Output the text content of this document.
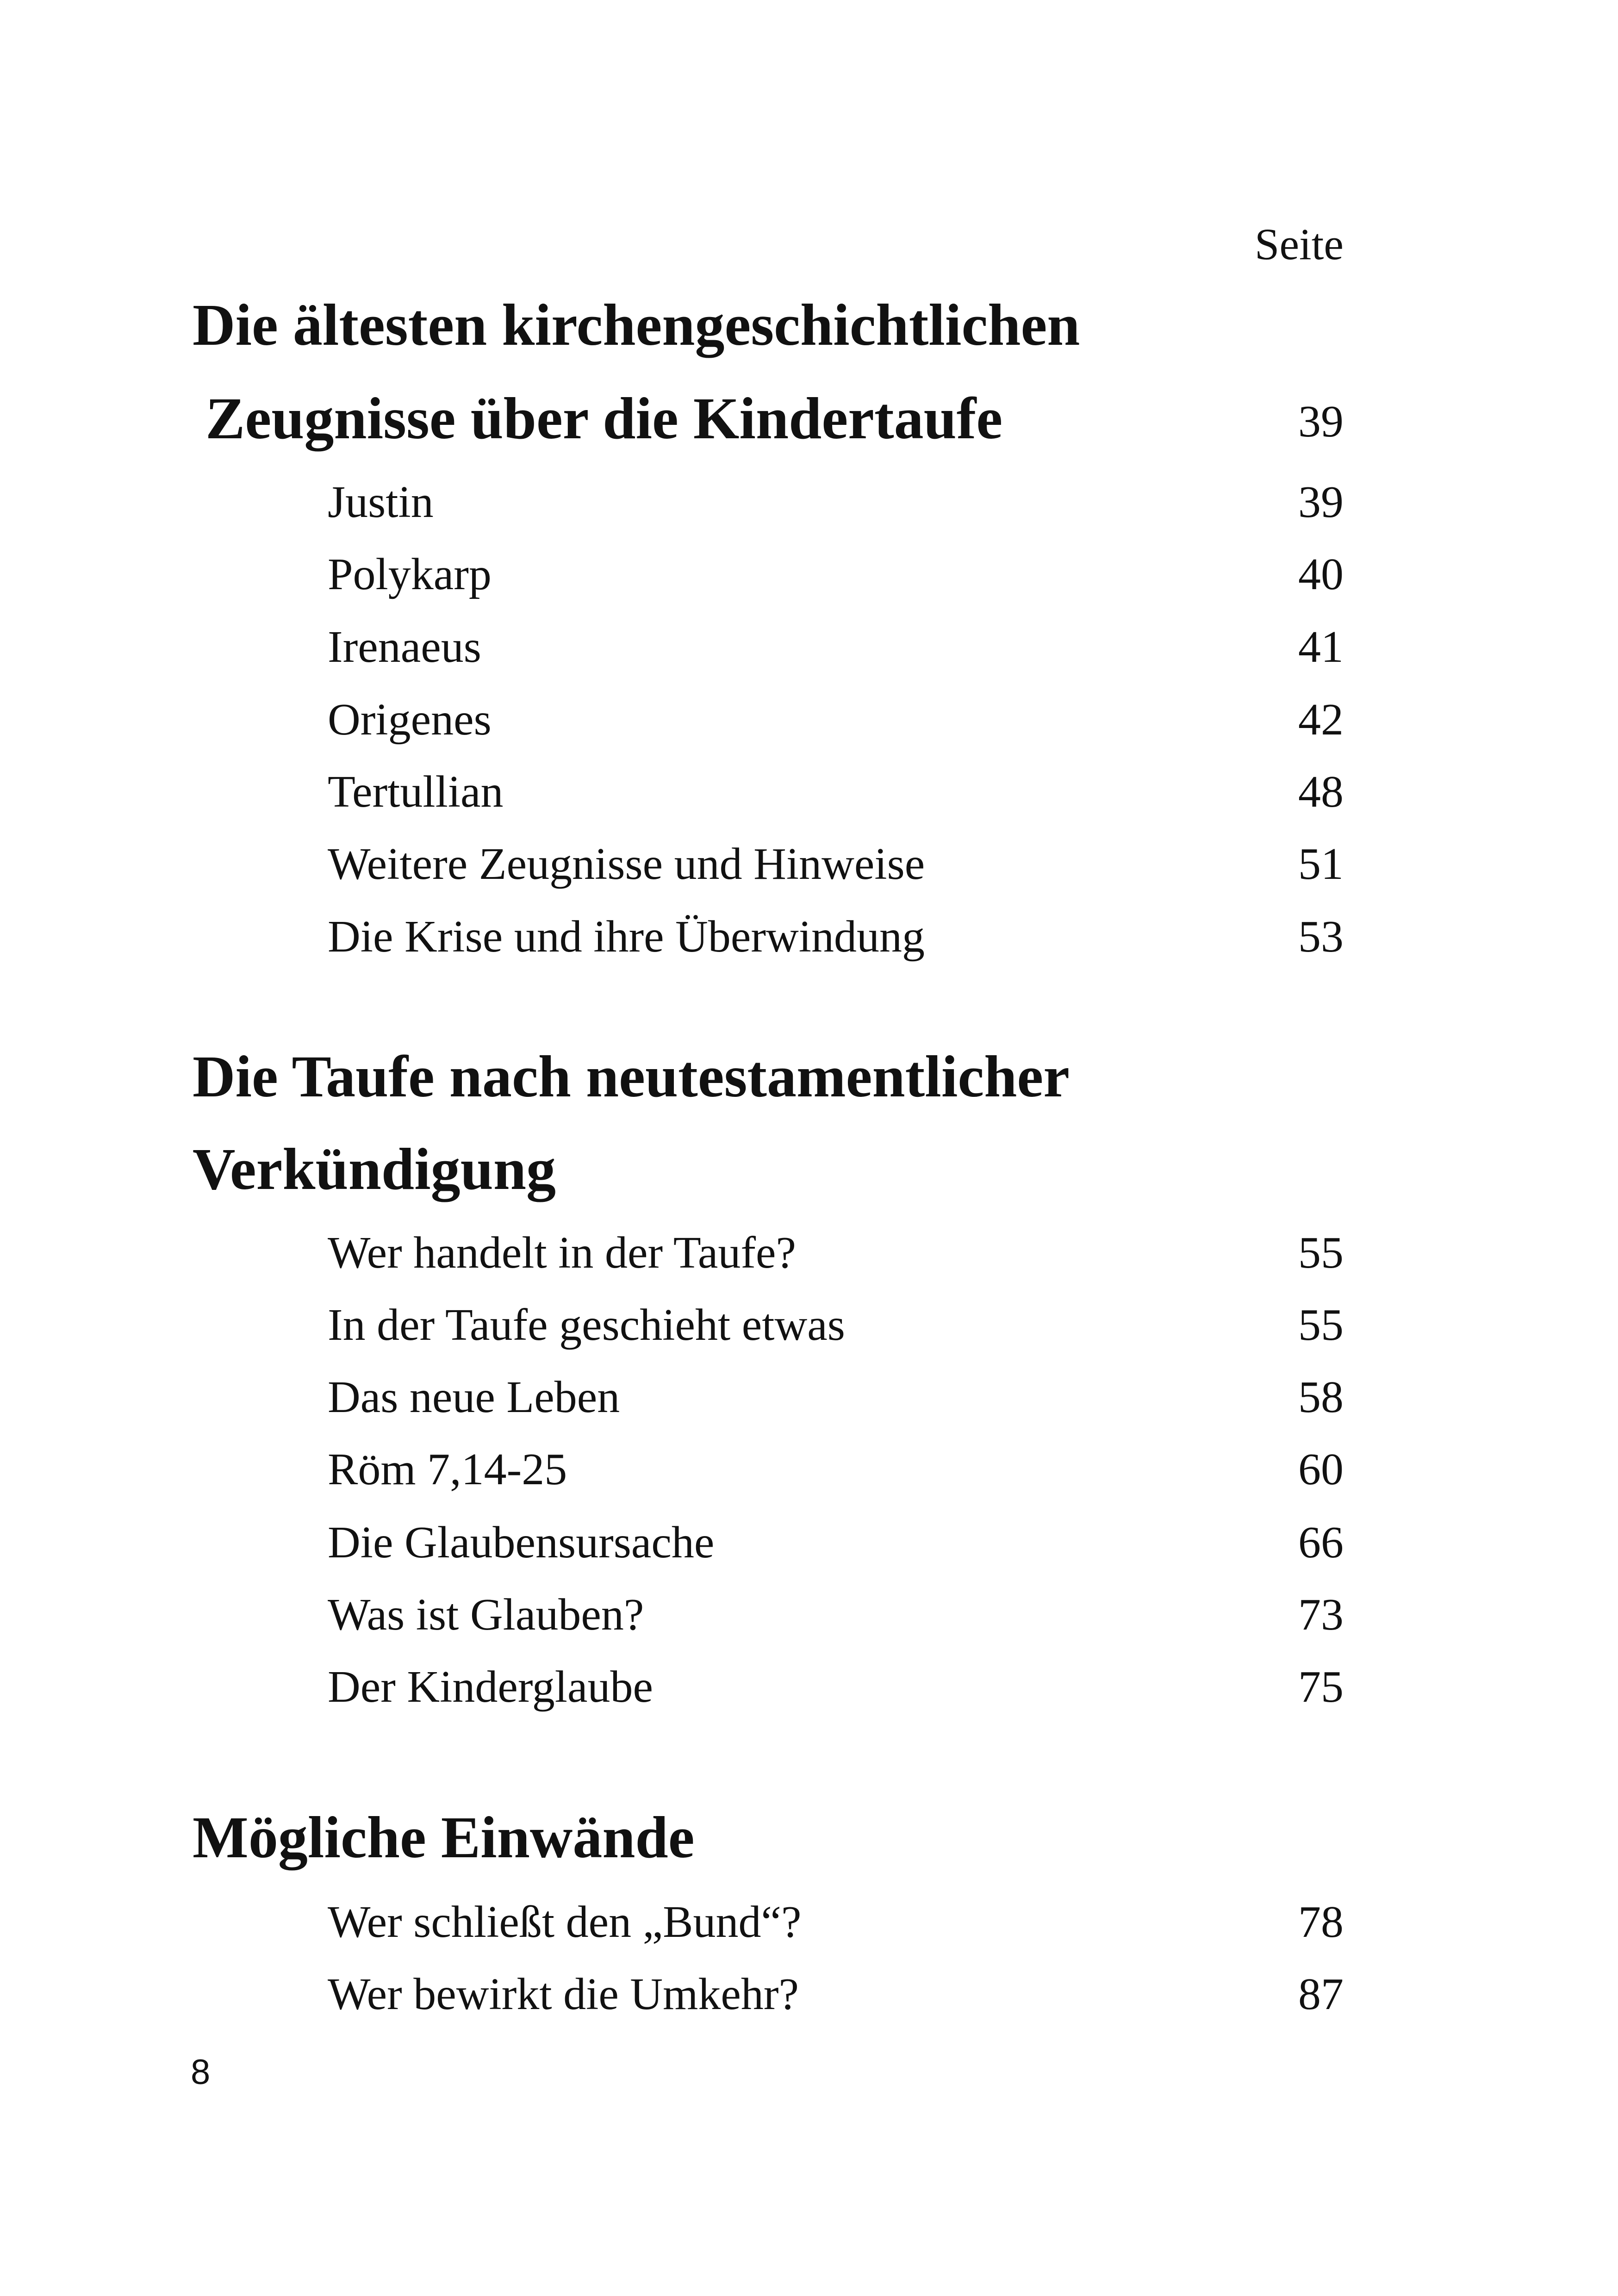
Seite
Die ältesten kirchengeschichtlichen
Zeugnisse über die Kindertaufe	39
Justin	39
Polykarp	40
Irenaeus	41
Origenes	42
Tertullian	48
Weitere Zeugnisse und Hinweise	51
Die Krise und ihre Überwindung	53
Die Taufe nach neutestamentlicher
Verkündigung
Wer handelt in der Taufe?	55
In der Taufe geschieht etwas	55
Das neue Leben	58
Röm 7,14-25	60
Die Glaubensursache	66
Was ist Glauben?	73
Der Kinderglaube	75
Mögliche Einwände
Wer schließt den „Bund“?	78
Wer bewirkt die Umkehr?	87
8
